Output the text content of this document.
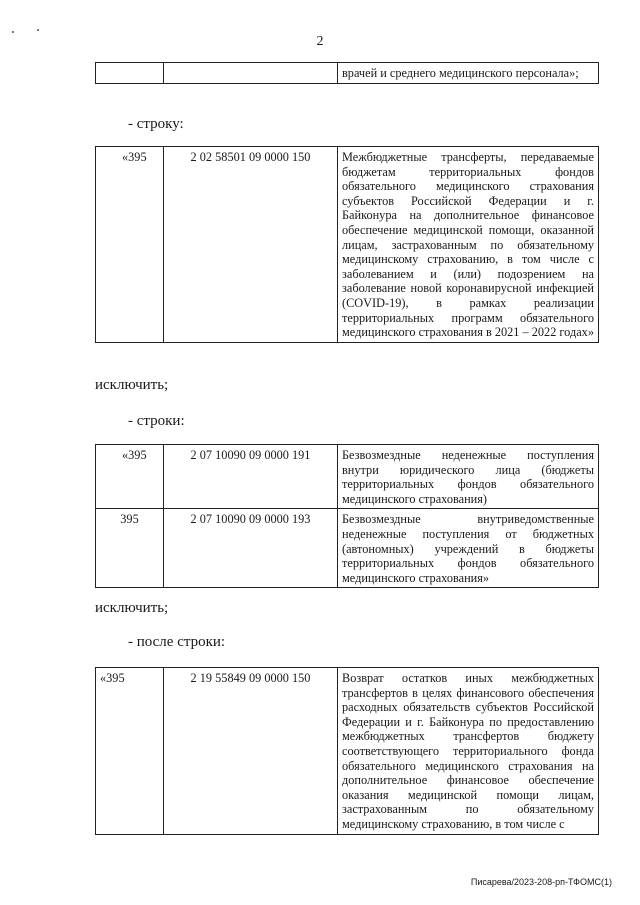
2
		врачей и среднего медицинского персонала»;
- строку:
«395	2 02 58501 09 0000 150	Межбюджетные трансферты, передаваемые бюджетам территориальных фондов обязательного медицинского страхования субъектов Российской Федерации и г. Байконура на дополнительное финансовое обеспечение медицинской помощи, оказанной лицам, застрахованным по обязательному медицинскому страхованию, в том числе с заболеванием и (или) подозрением на заболевание новой коронавирусной инфекцией (COVID-19), в рамках реализации территориальных программ обязательного медицинского страхования в 2021 – 2022 годах»
исключить;
- строки:
«395	2 07 10090 09 0000 191	Безвозмездные неденежные поступления внутри юридического лица (бюджеты территориальных фондов обязательного медицинского страхования)
395	2 07 10090 09 0000 193	Безвозмездные внутриведомственные неденежные поступления от бюджетных (автономных) учреждений в бюджеты территориальных фондов обязательного медицинского страхования»
исключить;
- после строки:
«395	2 19 55849 09 0000 150	Возврат остатков иных межбюджетных трансфертов в целях финансового обеспечения расходных обязательств субъектов Российской Федерации и г. Байконура по предоставлению межбюджетных трансфертов бюджету соответствующего территориального фонда обязательного медицинского страхования на дополнительное финансовое обеспечение оказания медицинской помощи лицам, застрахованным по обязательному медицинскому страхованию, в том числе с
Писарева/2023-208-рп-ТФОМС(1)
